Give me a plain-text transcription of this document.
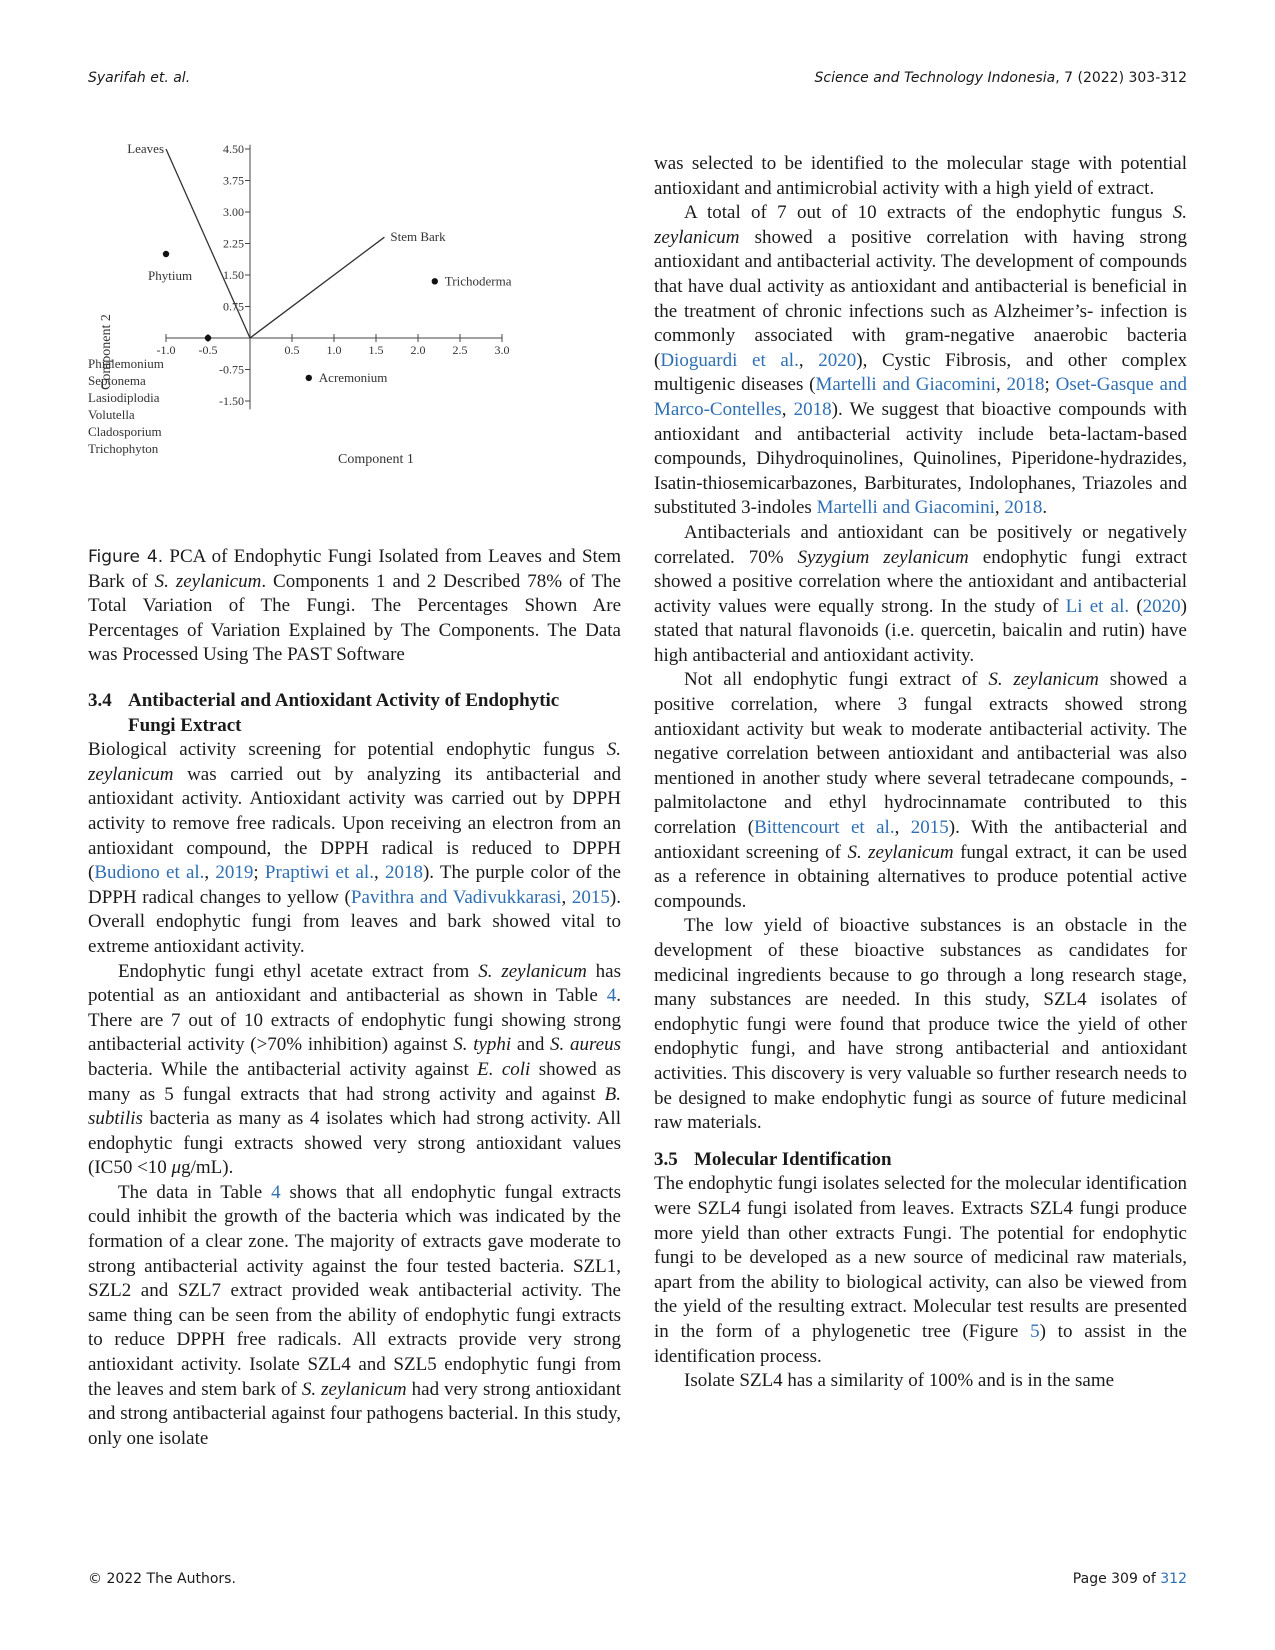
Syarifah et. al.	Science and Technology Indonesia, 7 (2022) 303-312
Component 2
Component 1
4.50
3.75
3.00
2.25
1.50
0.75
-0.75
-1.50
-1.0 -0.5	0.5 1.0 1.5 2.0 2.5 3.0
Leaves
Stem Bark
Phytium	Trichoderma
Acremonium
Phialemonium
Septonema
Lasiodiplodia
Volutella
Cladosporium
Trichophyton
Figure 4. PCA of Endophytic Fungi Isolated from Leaves and Stem Bark of S. zeylanicum. Components 1 and 2 Described 78% of The Total Variation of The Fungi. The Percentages Shown Are Percentages of Variation Explained by The Components. The Data was Processed Using The PAST Software
3.4 Antibacterial and Antioxidant Activity of Endophytic
Fungi Extract

Biological activity screening for potential endophytic fungus S. zeylanicum was carried out by analyzing its antibacterial and antioxidant activity. Antioxidant activity was carried out by DPPH activity to remove free radicals. Upon receiving an electron from an antioxidant compound, the DPPH radical is reduced to DPPH (Budiono et al., 2019; Praptiwi et al., 2018). The purple color of the DPPH radical changes to yellow (Pavithra and Vadivukkarasi, 2015). Overall endophytic fungi from leaves and bark showed vital to extreme antioxidant activity.

Endophytic fungi ethyl acetate extract from S. zeylanicum has potential as an antioxidant and antibacterial as shown in Table 4. There are 7 out of 10 extracts of endophytic fungi showing strong antibacterial activity (>70% inhibition) against S. typhi and S. aureus bacteria. While the antibacterial activity against E. coli showed as many as 5 fungal extracts that had strong activity and against B. subtilis bacteria as many as 4 isolates which had strong activity. All endophytic fungi extracts showed very strong antioxidant values (IC50 <10 μg/mL).

The data in Table 4 shows that all endophytic fungal extracts could inhibit the growth of the bacteria which was indicated by the formation of a clear zone. The majority of extracts gave moderate to strong antibacterial activity against the four tested bacteria. SZL1, SZL2 and SZL7 extract provided weak antibacterial activity. The same thing can be seen from the ability of endophytic fungi extracts to reduce DPPH free radicals. All extracts provide very strong antioxidant activity. Isolate SZL4 and SZL5 endophytic fungi from the leaves and stem bark of S. zeylanicum had very strong antioxidant and strong antibacterial against four pathogens bacterial. In this study, only one isolate

was selected to be identified to the molecular stage with potential antioxidant and antimicrobial activity with a high yield of extract.

A total of 7 out of 10 extracts of the endophytic fungus S. zeylanicum showed a positive correlation with having strong antioxidant and antibacterial activity. The development of compounds that have dual activity as antioxidant and antibacterial is beneficial in the treatment of chronic infections such as Alzheimer’s- infection is commonly associated with gram-negative anaerobic bacteria (Dioguardi et al., 2020), Cystic Fibrosis, and other complex multigenic diseases (Martelli and Giacomini, 2018; Oset-Gasque and Marco-Contelles, 2018). We suggest that bioactive compounds with antioxidant and antibacterial activity include beta-lactam-based compounds, Dihydroquinolines, Quinolines, Piperidone-hydrazides, Isatin-thiosemicarbazones, Barbiturates, Indolophanes, Triazoles and substituted 3-indoles Martelli and Giacomini, 2018.

Antibacterials and antioxidant can be positively or negatively correlated. 70% Syzygium zeylanicum endophytic fungi extract showed a positive correlation where the antioxidant and antibacterial activity values were equally strong. In the study of Li et al. (2020) stated that natural flavonoids (i.e. quercetin, baicalin and rutin) have high antibacterial and antioxidant activity.

Not all endophytic fungi extract of S. zeylanicum showed a positive correlation, where 3 fungal extracts showed strong antioxidant activity but weak to moderate antibacterial activity. The negative correlation between antioxidant and antibacterial was also mentioned in another study where several tetradecane compounds, -palmitolactone and ethyl hydrocinnamate contributed to this correlation (Bittencourt et al., 2015). With the antibacterial and antioxidant screening of S. zeylanicum fungal extract, it can be used as a reference in obtaining alternatives to produce potential active compounds.

The low yield of bioactive substances is an obstacle in the development of these bioactive substances as candidates for medicinal ingredients because to go through a long research stage, many substances are needed. In this study, SZL4 isolates of endophytic fungi were found that produce twice the yield of other endophytic fungi, and have strong antibacterial and antioxidant activities. This discovery is very valuable so further research needs to be designed to make endophytic fungi as source of future medicinal raw materials.

3.5 Molecular Identification

The endophytic fungi isolates selected for the molecular identification were SZL4 fungi isolated from leaves. Extracts SZL4 fungi produce more yield than other extracts Fungi. The potential for endophytic fungi to be developed as a new source of medicinal raw materials, apart from the ability to biological activity, can also be viewed from the yield of the resulting extract. Molecular test results are presented in the form of a phylogenetic tree (Figure 5) to assist in the identification process.

Isolate SZL4 has a similarity of 100% and is in the same

© 2022 The Authors.	Page 309 of 312
